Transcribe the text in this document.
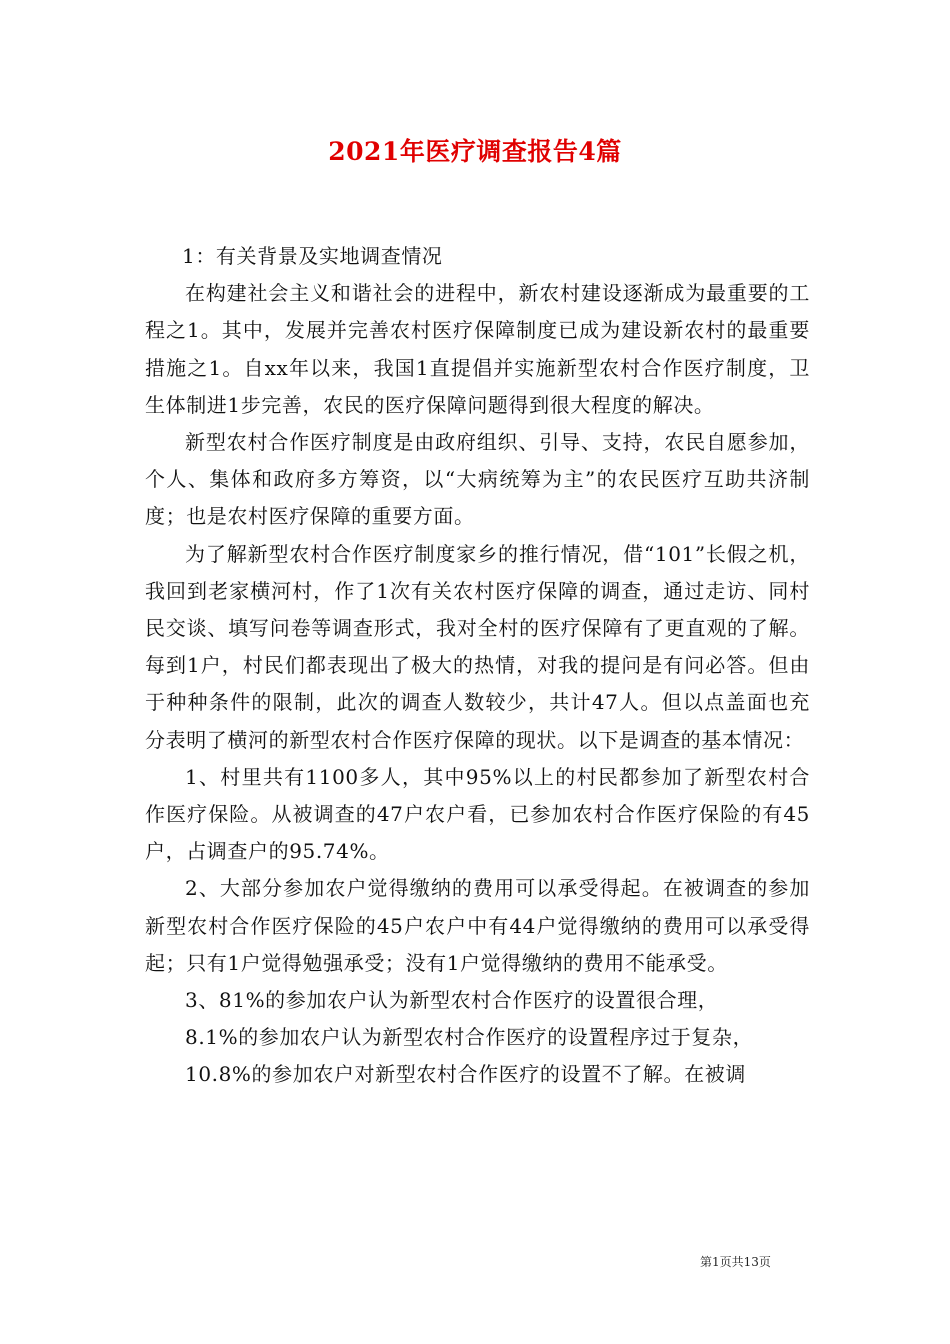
2021年医疗调查报告4篇

1：有关背景及实地调查情况

在构建社会主义和谐社会的进程中，新农村建设逐渐成为最重要的工程之1。其中，发展并完善农村医疗保障制度已成为建设新农村的最重要措施之1。自xx年以来，我国1直提倡并实施新型农村合作医疗制度，卫生体制进1步完善，农民的医疗保障问题得到很大程度的解决。

新型农村合作医疗制度是由政府组织、引导、支持，农民自愿参加，个人、集体和政府多方筹资，以“大病统筹为主”的农民医疗互助共济制度；也是农村医疗保障的重要方面。

为了解新型农村合作医疗制度家乡的推行情况，借“101”长假之机，我回到老家横河村，作了1次有关农村医疗保障的调查，通过走访、同村民交谈、填写问卷等调查形式，我对全村的医疗保障有了更直观的了解。每到1户，村民们都表现出了极大的热情，对我的提问是有问必答。但由于种种条件的限制，此次的调查人数较少，共计47人。但以点盖面也充分表明了横河的新型农村合作医疗保障的现状。以下是调查的基本情况：

1、村里共有1100多人，其中95%以上的村民都参加了新型农村合作医疗保险。从被调查的47户农户看，已参加农村合作医疗保险的有45户，占调查户的95.74%。

2、大部分参加农户觉得缴纳的费用可以承受得起。在被调查的参加新型农村合作医疗保险的45户农户中有44户觉得缴纳的费用可以承受得起；只有1户觉得勉强承受；没有1户觉得缴纳的费用不能承受。

3、81%的参加农户认为新型农村合作医疗的设置很合理，

8.1%的参加农户认为新型农村合作医疗的设置程序过于复杂，

10.8%的参加农户对新型农村合作医疗的设置不了解。在被调

第1页共13页
